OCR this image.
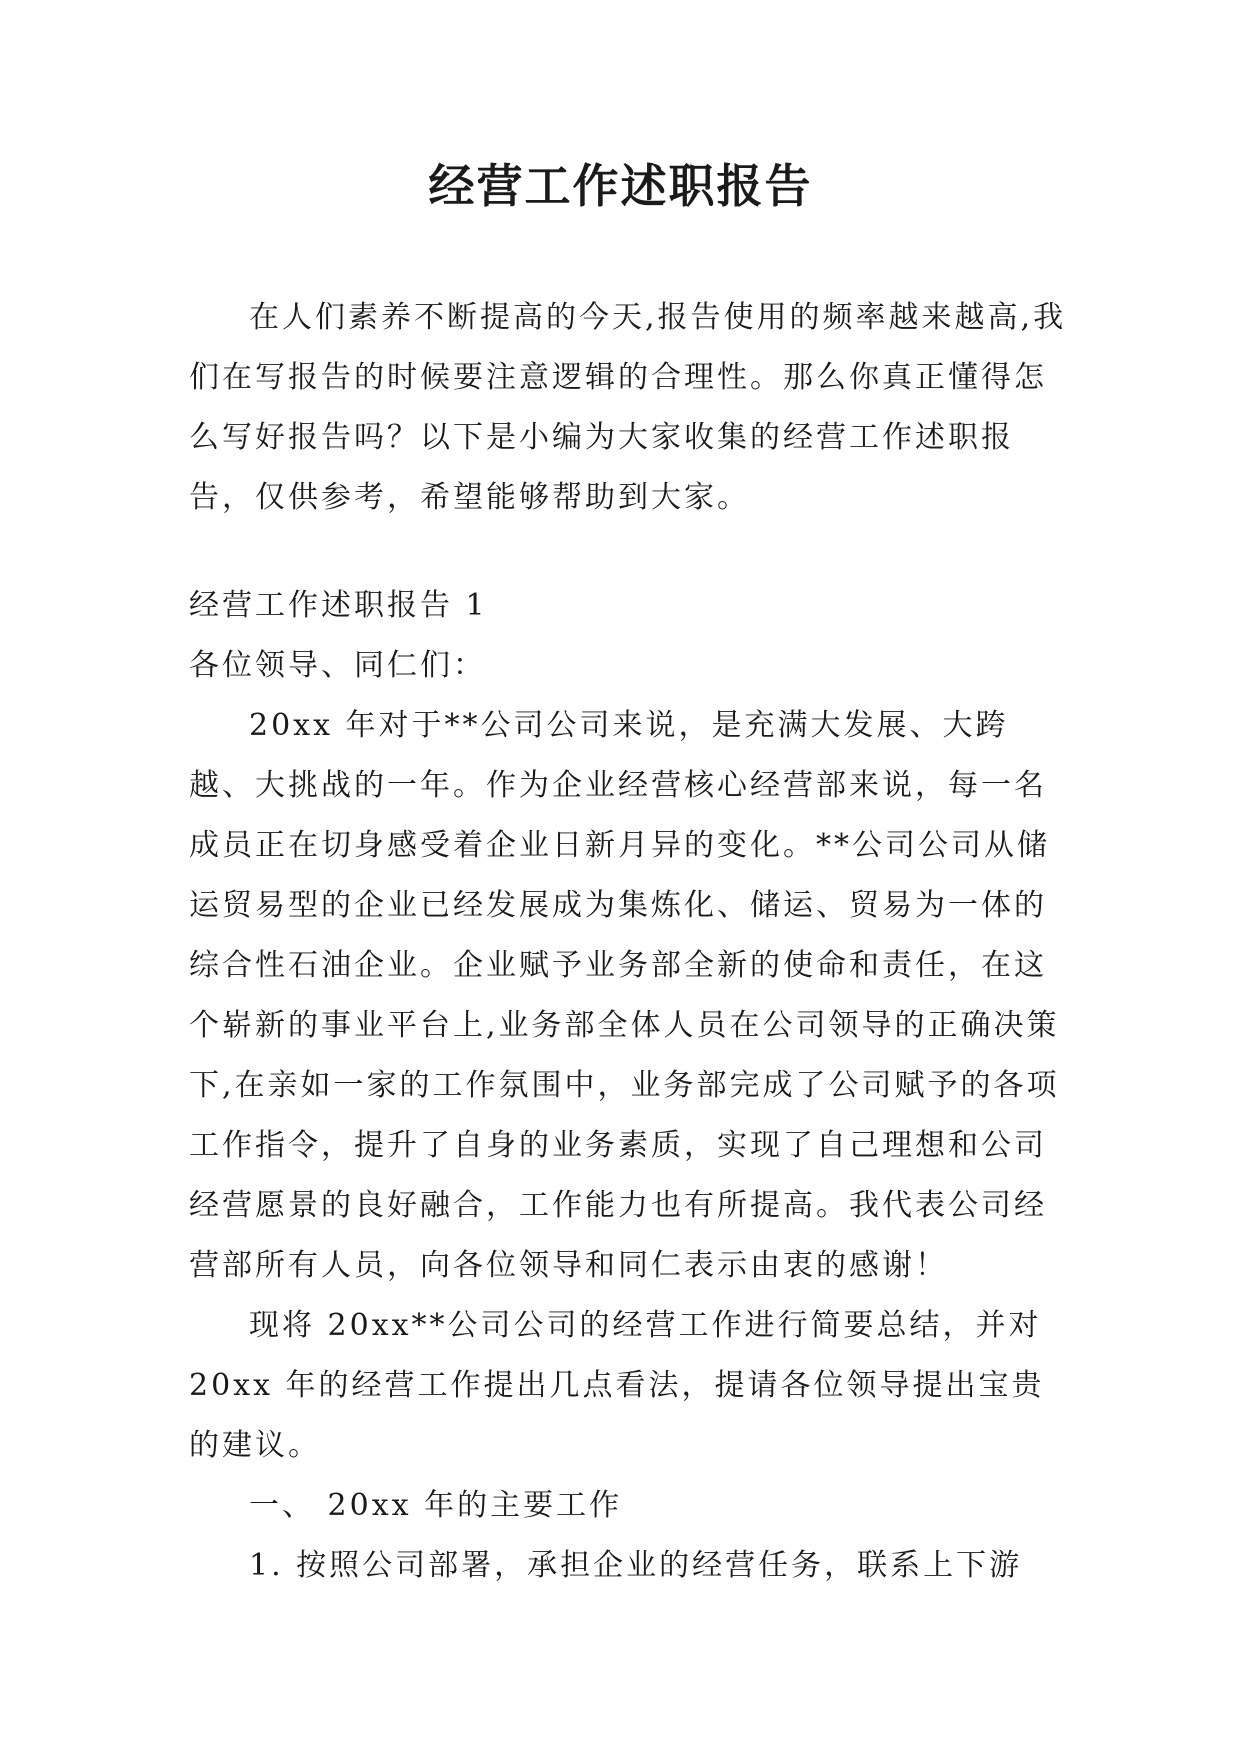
经营工作述职报告

在人们素养不断提高的今天,报告使用的频率越来越高,我们在写报告的时候要注意逻辑的合理性。那么你真正懂得怎么写好报告吗？以下是小编为大家收集的经营工作述职报告，仅供参考，希望能够帮助到大家。

经营工作述职报告 1

各位领导、同仁们：

20xx 年对于**公司公司来说，是充满大发展、大跨越、大挑战的一年。作为企业经营核心经营部来说，每一名成员正在切身感受着企业日新月异的变化。**公司公司从储运贸易型的企业已经发展成为集炼化、储运、贸易为一体的综合性石油企业。企业赋予业务部全新的使命和责任，在这个崭新的事业平台上,业务部全体人员在公司领导的正确决策下,在亲如一家的工作氛围中，业务部完成了公司赋予的各项工作指令，提升了自身的业务素质，实现了自己理想和公司经营愿景的良好融合，工作能力也有所提高。我代表公司经营部所有人员，向各位领导和同仁表示由衷的感谢！

现将 20xx**公司公司的经营工作进行简要总结，并对 20xx 年的经营工作提出几点看法，提请各位领导提出宝贵的建议。

一、 20xx 年的主要工作

1. 按照公司部署，承担企业的经营任务，联系上下游
